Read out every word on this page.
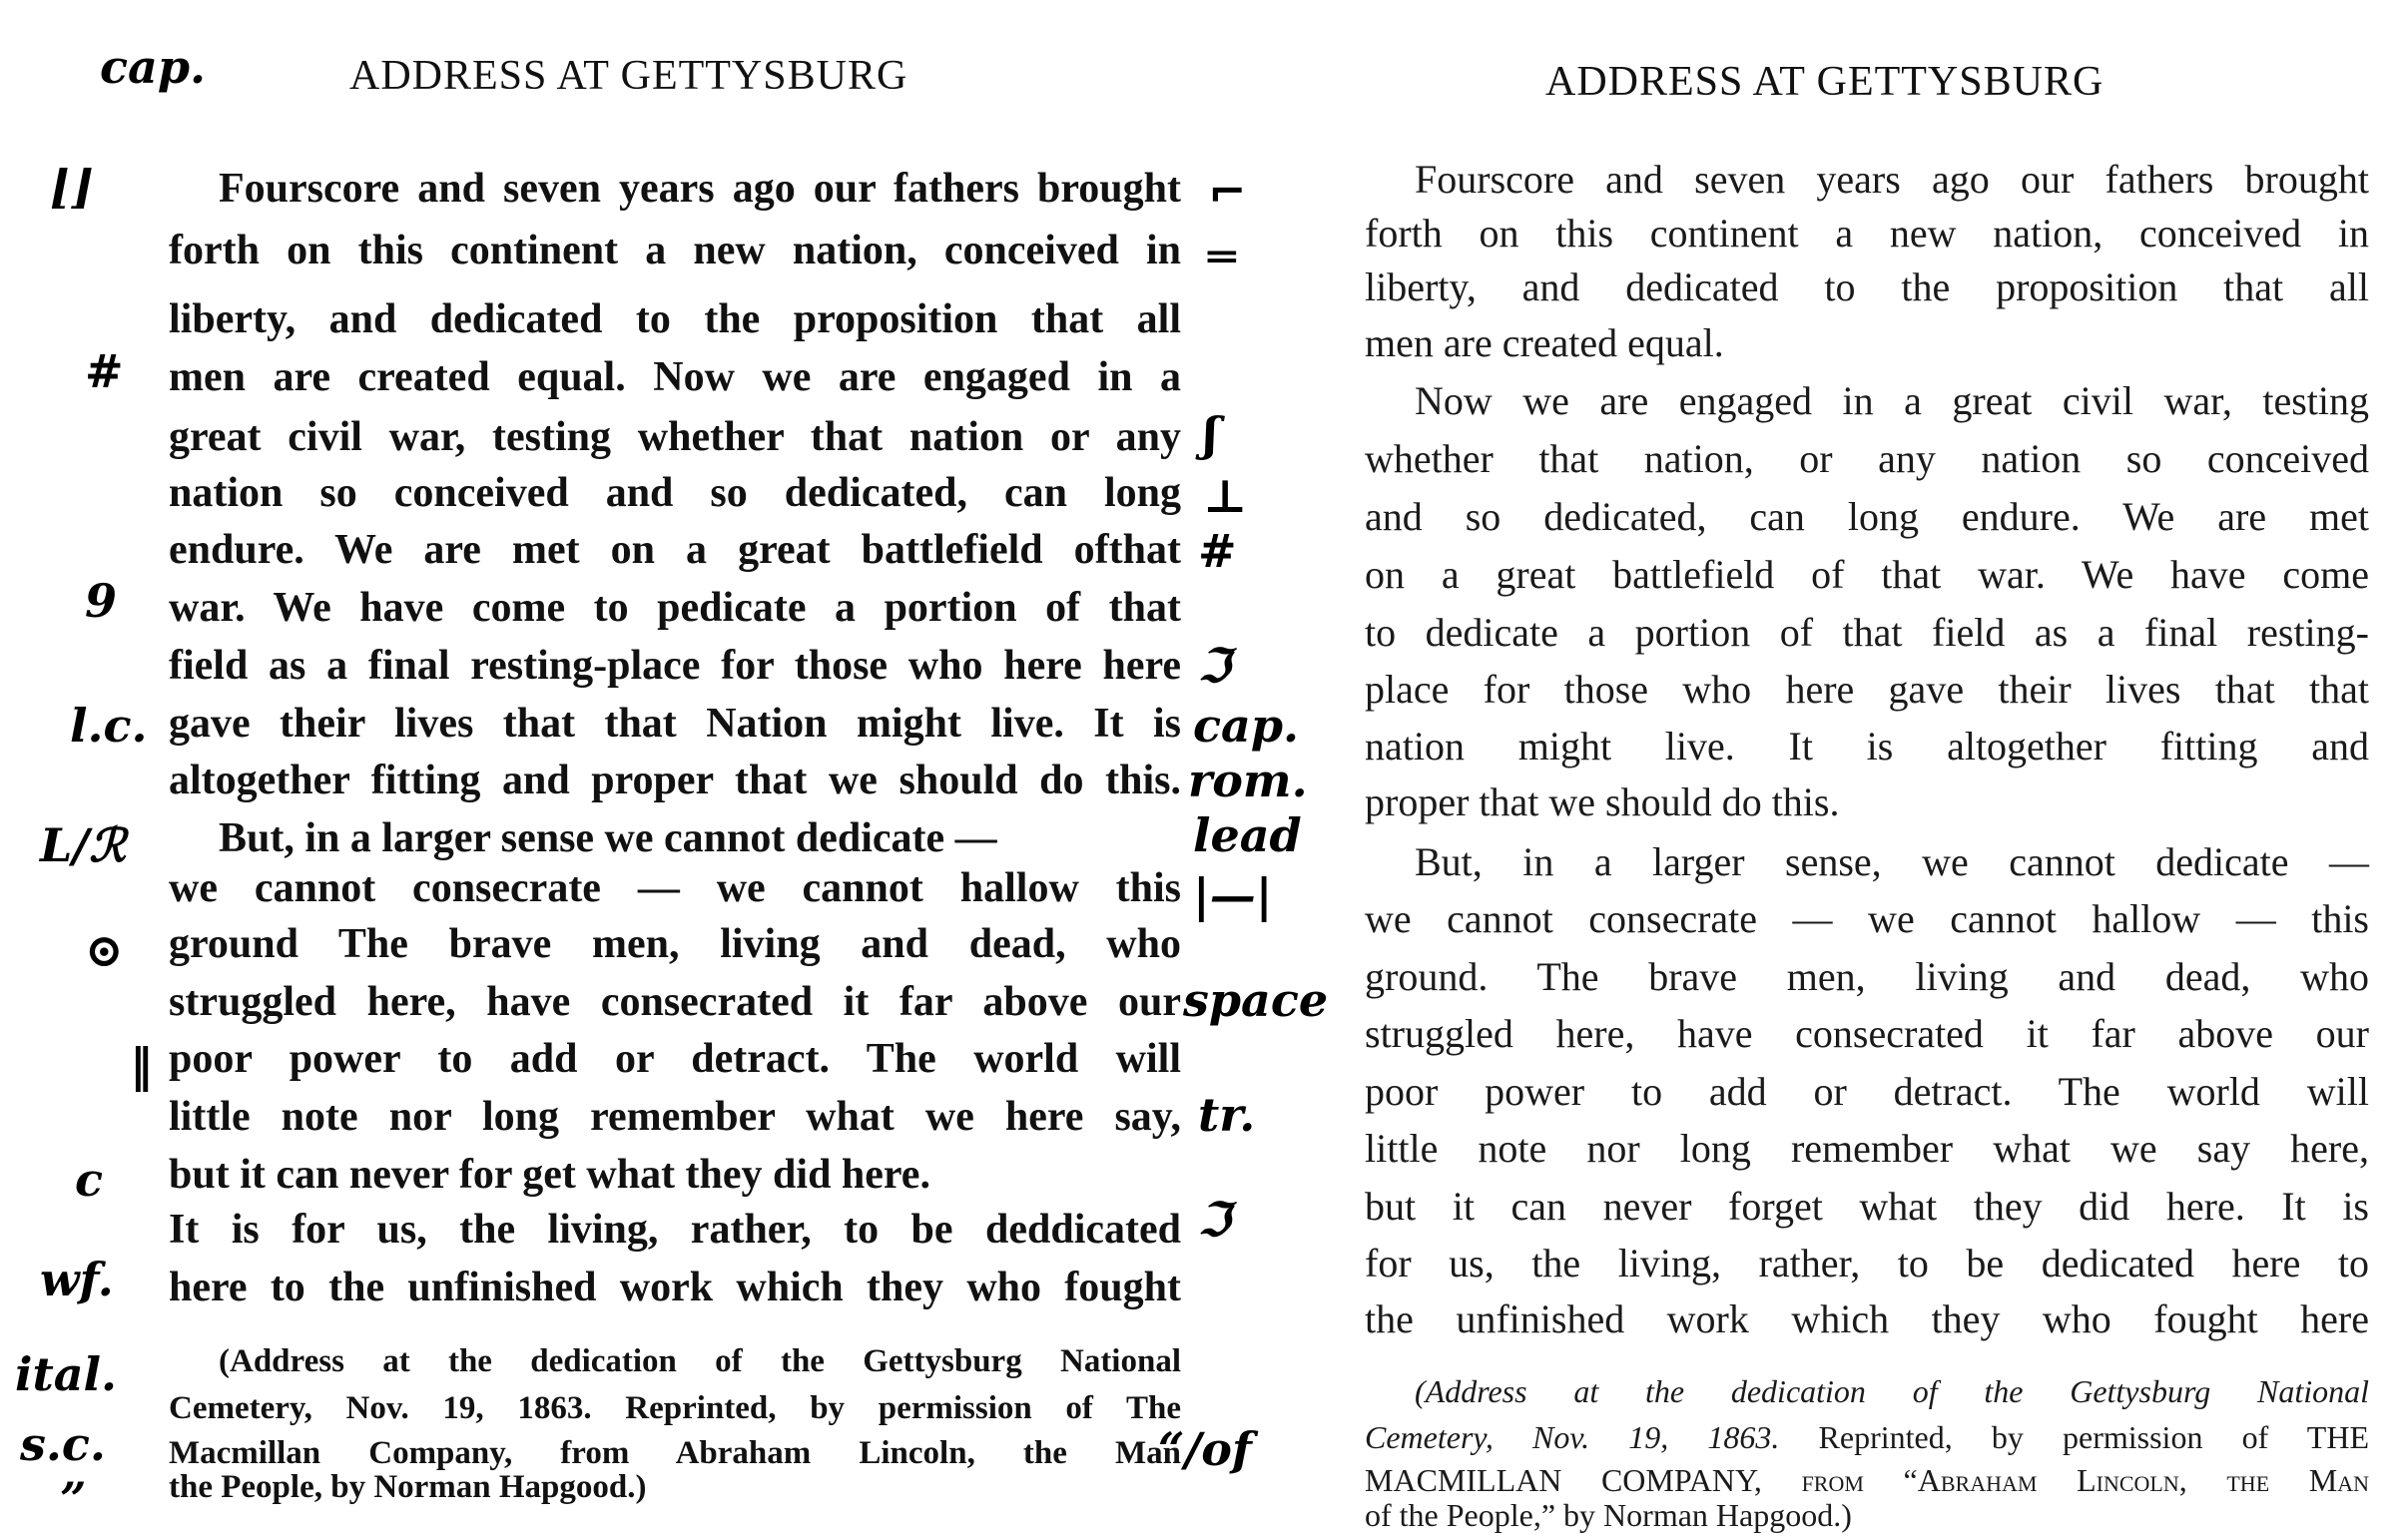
ADDRESS AT GETTYSBURG
Fourscore and seven years ago our fathers brought
forth on this continent a new nation, conceived in
liberty, and dedicated to the proposition that all
men are created equal. Now we are engaged in a
great civil war, testing whether that nation or any
nation so conceived and so dedicated, can long
endure. We are met on a great battlefield ofthat
war. We have come to pedicate a portion of that
field as a final resting-place for those who here here
gave their lives that that Nation might live. It is
altogether fitting and proper that we should do this.
But, in a larger sense we cannot dedicate —
we cannot consecrate — we cannot hallow this
ground The brave men, living and dead, who
struggled here, have consecrated it far above our
poor power to add or detract. The world will
little note nor long remember what we here say,
but it can never for get what they did here.
It is for us, the living, rather, to be deddicated
here to the unfinished work which they who fought
(Address at the dedication of the Gettysburg National
Cemetery, Nov. 19, 1863. Reprinted, by permission of The
Macmillan Company, from Abraham Lincoln, the Man
the People, by Norman Hapgood.)
cap.
⌊⌋
#
9
l.c.
L/ℛ
⊙
‖
c
wf.
ital.
s.c.
”
⌐
═
ʃ
⊥
#
ℑ
cap.
rom.
lead
|—|
space
tr.
ℑ
“/of
ADDRESS AT GETTYSBURG
Fourscore and seven years ago our fathers brought
forth on this continent a new nation, conceived in
liberty, and dedicated to the proposition that all
men are created equal.
Now we are engaged in a great civil war, testing
whether that nation, or any nation so conceived
and so dedicated, can long endure. We are met
on a great battlefield of that war. We have come
to dedicate a portion of that field as a final resting-
place for those who here gave their lives that that
nation might live. It is altogether fitting and
proper that we should do this.
But, in a larger sense, we cannot dedicate —
we cannot consecrate — we cannot hallow — this
ground. The brave men, living and dead, who
struggled here, have consecrated it far above our
poor power to add or detract. The world will
little note nor long remember what we say here,
but it can never forget what they did here. It is
for us, the living, rather, to be dedicated here to
the unfinished work which they who fought here
(Address at the dedication of the Gettysburg National
Cemetery, Nov. 19, 1863. Reprinted, by permission of THE
MACMILLAN COMPANY, from “Abraham Lincoln, the Man
of the People,” by Norman Hapgood.)
